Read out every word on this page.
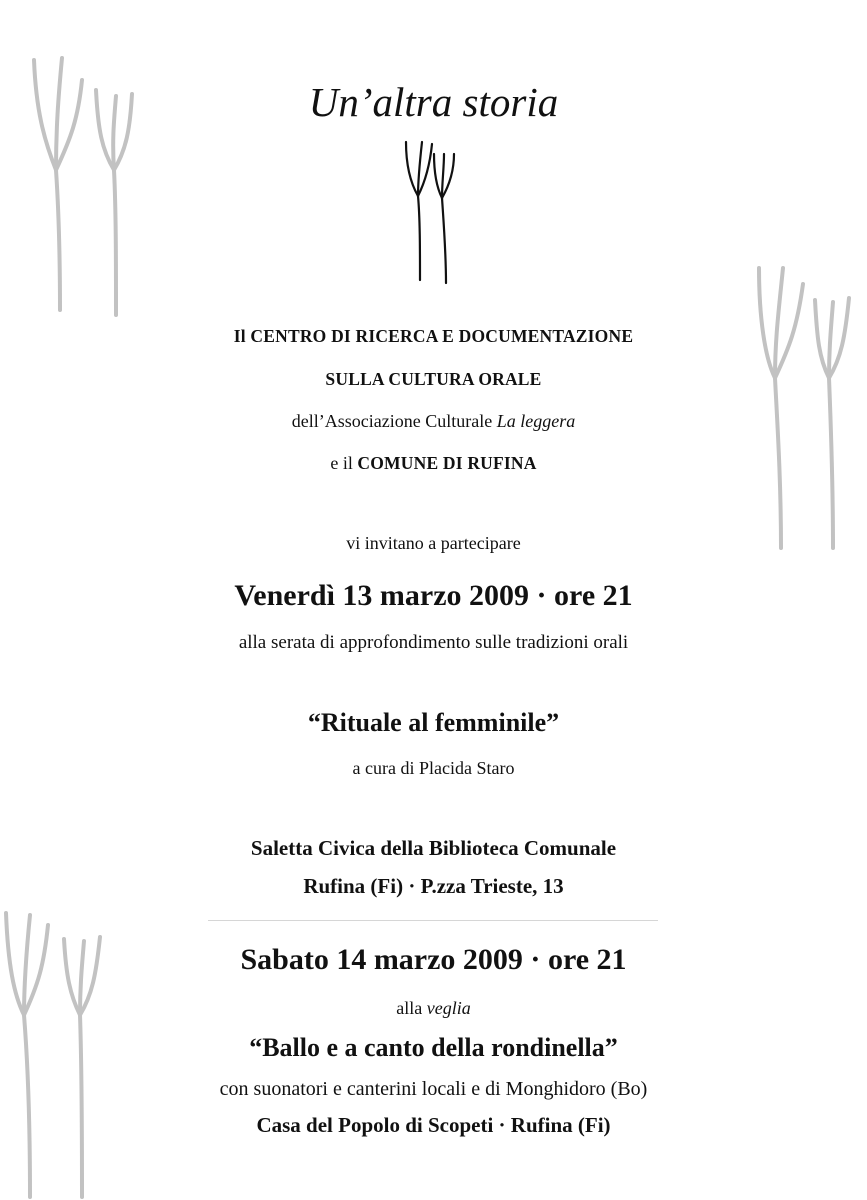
Un’altra storia
Il CENTRO DI RICERCA E DOCUMENTAZIONE
SULLA CULTURA ORALE
dell’Associazione Culturale La leggera
e il COMUNE DI RUFINA
vi invitano a partecipare
Venerdì 13 marzo 2009 · ore 21
alla serata di approfondimento sulle tradizioni orali
“Rituale al femminile”
a cura di Placida Staro
Saletta Civica della Biblioteca Comunale
Rufina (Fi) · P.zza Trieste, 13
Sabato 14 marzo 2009 · ore 21
alla veglia
“Ballo e a canto della rondinella”
con suonatori e canterini locali e di Monghidoro (Bo)
Casa del Popolo di Scopeti · Rufina (Fi)
